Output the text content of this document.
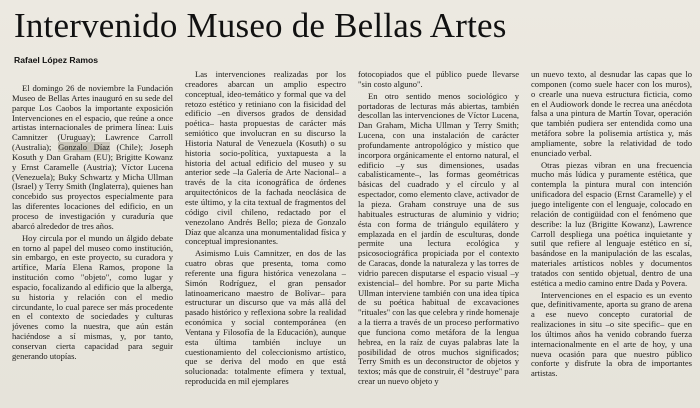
Intervenido Museo de Bellas Artes
Rafael López Ramos

El domingo 26 de noviembre la Fundación Museo de Bellas Artes inauguró en su sede del parque Los Caobos la importante exposición Intervenciones en el espacio, que reúne a once artistas internacionales de primera línea: Luis Camnitzer (Uruguay); Lawrence Carroll (Australia); Gonzalo Díaz (Chile); Joseph Kosuth y Dan Graham (EU); Brigitte Kowanz y Ernst Caramelle (Austria); Víctor Lucena (Venezuela); Buky Schwartz y Micha Ullman (Israel) y Terry Smith (Inglaterra), quienes han concebido sus proyectos especialmente para las diferentes locaciones del edificio, en un proceso de investigación y curaduría que abarcó alrededor de tres años.

Hoy circula por el mundo un álgido debate en torno al papel del museo como institución, sin embargo, en este proyecto, su curadora y artífice, María Elena Ramos, propone la institución como "objeto", como lugar y espacio, focalizando al edificio que la alberga, su historia y relación con el medio circundante, lo cual parece ser más procedente en el contexto de sociedades y culturas jóvenes como la nuestra, que aún están haciéndose a sí mismas, y, por tanto, conservan cierta capacidad para seguir generando utopías.

Las intervenciones realizadas por los creadores abarcan un amplio espectro conceptual, ideo-temático y formal que va del retozo estético y retiniano con la fisicidad del edificio –en diversos grados de densidad poética– hasta propuestas de carácter más semiótico que involucran en su discurso la Historia Natural de Venezuela (Kosuth) o su historia socio-política, yuxtapuesta a la historia del actual edificio del museo y su anterior sede –la Galería de Arte Nacional– a través de la cita iconográfica de órdenes arquitectónicos de la fachada neoclásica de este último, y la cita textual de fragmentos del código civil chileno, redactado por el venezolano Andrés Bello; pieza de Gonzalo Díaz que alcanza una monumentalidad física y conceptual impresionantes.

Asimismo Luis Camnitzer, en dos de las cuatro obras que presenta, toma como referente una figura histórica venezolana –Simón Rodríguez, el gran pensador latinoamericano maestro de Bolívar– para estructurar un discurso que va más allá del pasado histórico y reflexiona sobre la realidad económica y social contemporánea (en Ventana y Filosofía de la Educación), aunque esta última también incluye un cuestionamiento del coleccionismo artístico, que se deriva del modo en que está solucionada: totalmente efímera y textual, reproducida en mil ejemplares

fotocopiados que el público puede llevarse "sin costo alguno".

En otro sentido menos sociológico y portadoras de lecturas más abiertas, también descollan las intervenciones de Víctor Lucena, Dan Graham, Micha Ullman y Terry Smith; Lucena, con una instalación de carácter profundamente antropológico y místico que incorpora orgánicamente el entorno natural, el edificio –y sus dimensiones, usadas cabalísticamente–, las formas geométricas básicas del cuadrado y el círculo y al espectador, como elemento clave, activador de la pieza. Graham construye una de sus habituales estructuras de aluminio y vidrio; ésta con forma de triángulo equilátero y emplazada en el jardín de esculturas, donde permite una lectura ecológica y psicosociográfica propiciada por el contexto de Caracas, donde la naturaleza y las torres de vidrio parecen disputarse el espacio visual –y existencial– del hombre. Por su parte Micha Ullman interviene también con una idea típica de su poética habitual de excavaciones "rituales" con las que celebra y rinde homenaje a la tierra a través de un proceso performativo que funciona como metáfora de la lengua hebrea, en la raíz de cuyas palabras late la posibilidad de otros muchos significados; Terry Smith es un deconstructor de objetos y textos; más que de construir, él "destruye" para crear un nuevo objeto y

un nuevo texto, al desnudar las capas que lo componen (como suele hacer con los muros), o crearle una nueva estructura ficticia, como en el Audiowork donde le recrea una anécdota falsa a una pintura de Martín Tovar, operación que también pudiera ser entendida como una metáfora sobre la polisemia artística y, más ampliamente, sobre la relatividad de todo enunciado verbal.

Otras piezas vibran en una frecuencia mucho más lúdica y puramente estética, que contempla la pintura mural con intención unificadora del espacio (Ernst Caramelle) y el juego inteligente con el lenguaje, colocado en relación de contigüidad con el fenómeno que describe: la luz (Brigitte Kowanz), Lawrence Carroll despliega una poética inquietante y sutil que refiere al lenguaje estético en sí, basándose en la manipulación de las escalas, materiales artísticos nobles y documentos tratados con sentido objetual, dentro de una estética a medio camino entre Dada y Povera.

Intervenciones en el espacio es un evento que, definitivamente, aporta su grano de arena a ese nuevo concepto curatorial de realizaciones in situ –o site specific– que en los últimos años ha venido cobrando fuerza internacionalmente en el arte de hoy, y una nueva ocasión para que nuestro público conforte y disfrute la obra de importantes artistas.
